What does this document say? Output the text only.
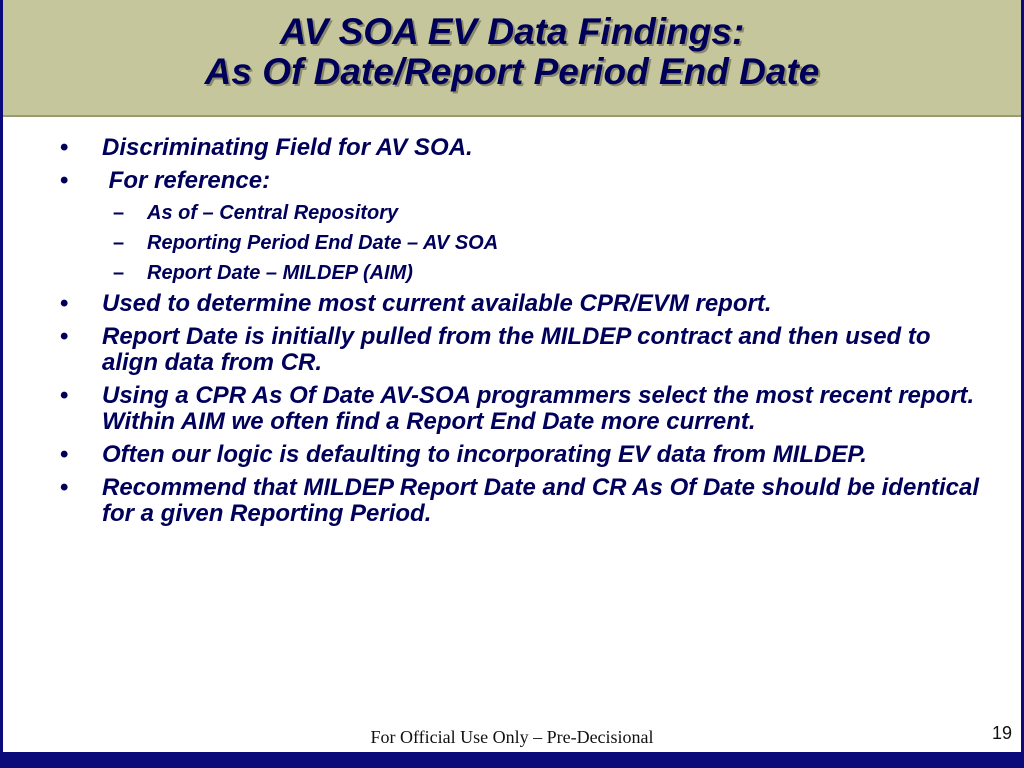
AV SOA EV Data Findings:
As Of Date/Report Period End Date
• Discriminating Field for AV SOA.
• For reference:
– As of – Central Repository
– Reporting Period End Date – AV SOA
– Report Date – MILDEP (AIM)
• Used to determine most current available CPR/EVM report.
• Report Date is initially pulled from the MILDEP contract and then used to align data from CR.
• Using a CPR As Of Date AV-SOA programmers select the most recent report. Within AIM we often find a Report End Date more current.
• Often our logic is defaulting to incorporating EV data from MILDEP.
• Recommend that MILDEP Report Date and CR As Of Date should be identical for a given Reporting Period.
For Official Use Only – Pre-Decisional	19
